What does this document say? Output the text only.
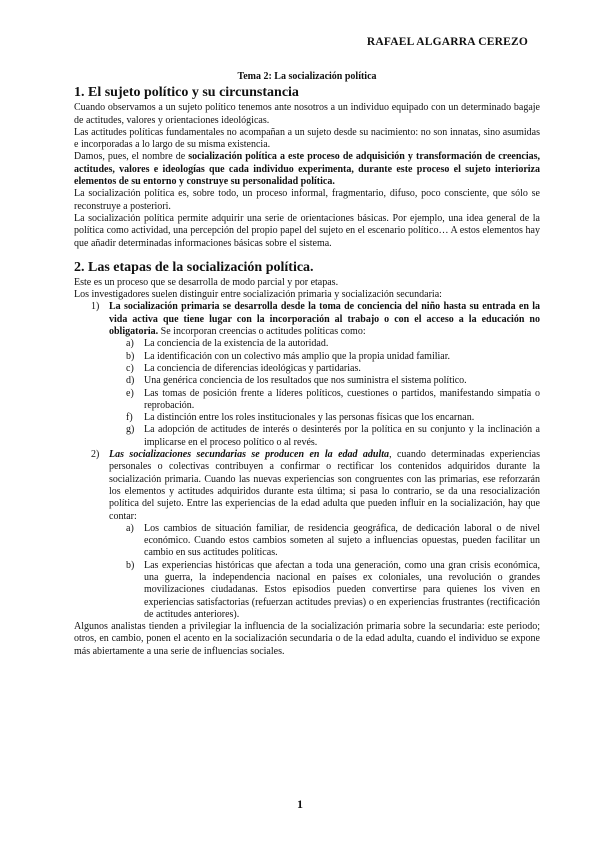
RAFAEL ALGARRA CEREZO
Tema 2: La socialización política
1. El sujeto político y su circunstancia

Cuando observamos a un sujeto político tenemos ante nosotros a un individuo equipado con un determinado bagaje de actitudes, valores y orientaciones ideológicas.

Las actitudes políticas fundamentales no acompañan a un sujeto desde su nacimiento: no son innatas, sino asumidas e incorporadas a lo largo de su misma existencia.

Damos, pues, el nombre de socialización política a este proceso de adquisición y transformación de creencias, actitudes, valores e ideologías que cada individuo experimenta, durante este proceso el sujeto interioriza elementos de su entorno y construye su personalidad política.

La socialización política es, sobre todo, un proceso informal, fragmentario, difuso, poco consciente, que sólo se reconstruye a posteriori.

La socialización política permite adquirir una serie de orientaciones básicas. Por ejemplo, una idea general de la política como actividad, una percepción del propio papel del sujeto en el escenario político… A estos elementos hay que añadir determinadas informaciones básicas sobre el sistema.

2. Las etapas de la socialización política.

Este es un proceso que se desarrolla de modo parcial y por etapas.

Los investigadores suelen distinguir entre socialización primaria y socialización secundaria:

1) La socialización primaria se desarrolla desde la toma de conciencia del niño hasta su entrada en la vida activa que tiene lugar con la incorporación al trabajo o con el acceso a la educación no obligatoria. Se incorporan creencias o actitudes políticas como:
a) La conciencia de la existencia de la autoridad.
b) La identificación con un colectivo más amplio que la propia unidad familiar.
c) La conciencia de diferencias ideológicas y partidarias.
d) Una genérica conciencia de los resultados que nos suministra el sistema político.
e) Las tomas de posición frente a líderes políticos, cuestiones o partidos, manifestando simpatía o reprobación.
f) La distinción entre los roles institucionales y las personas físicas que los encarnan.
g) La adopción de actitudes de interés o desinterés por la política en su conjunto y la inclinación a implicarse en el proceso político o al revés.
2) Las socializaciones secundarias se producen en la edad adulta, cuando determinadas experiencias personales o colectivas contribuyen a confirmar o rectificar los contenidos adquiridos durante la socialización primaria. Cuando las nuevas experiencias son congruentes con las primarias, ese reforzarán los elementos y actitudes adquiridos durante esta última; si pasa lo contrario, se da una resocialización política del sujeto. Entre las experiencias de la edad adulta que pueden influir en la socialización, hay que contar:
a) Los cambios de situación familiar, de residencia geográfica, de dedicación laboral o de nivel económico. Cuando estos cambios someten al sujeto a influencias opuestas, pueden facilitar un cambio en sus actitudes políticas.
b) Las experiencias históricas que afectan a toda una generación, como una gran crisis económica, una guerra, la independencia nacional en países ex coloniales, una revolución o grandes movilizaciones ciudadanas. Estos episodios pueden convertirse para quienes los viven en experiencias satisfactorias (refuerzan actitudes previas) o en experiencias frustrantes (rectificación de actitudes anteriores).

Algunos analistas tienden a privilegiar la influencia de la socialización primaria sobre la secundaria: este periodo; otros, en cambio, ponen el acento en la socialización secundaria o de la edad adulta, cuando el individuo se expone más abiertamente a una serie de influencias sociales.

1
